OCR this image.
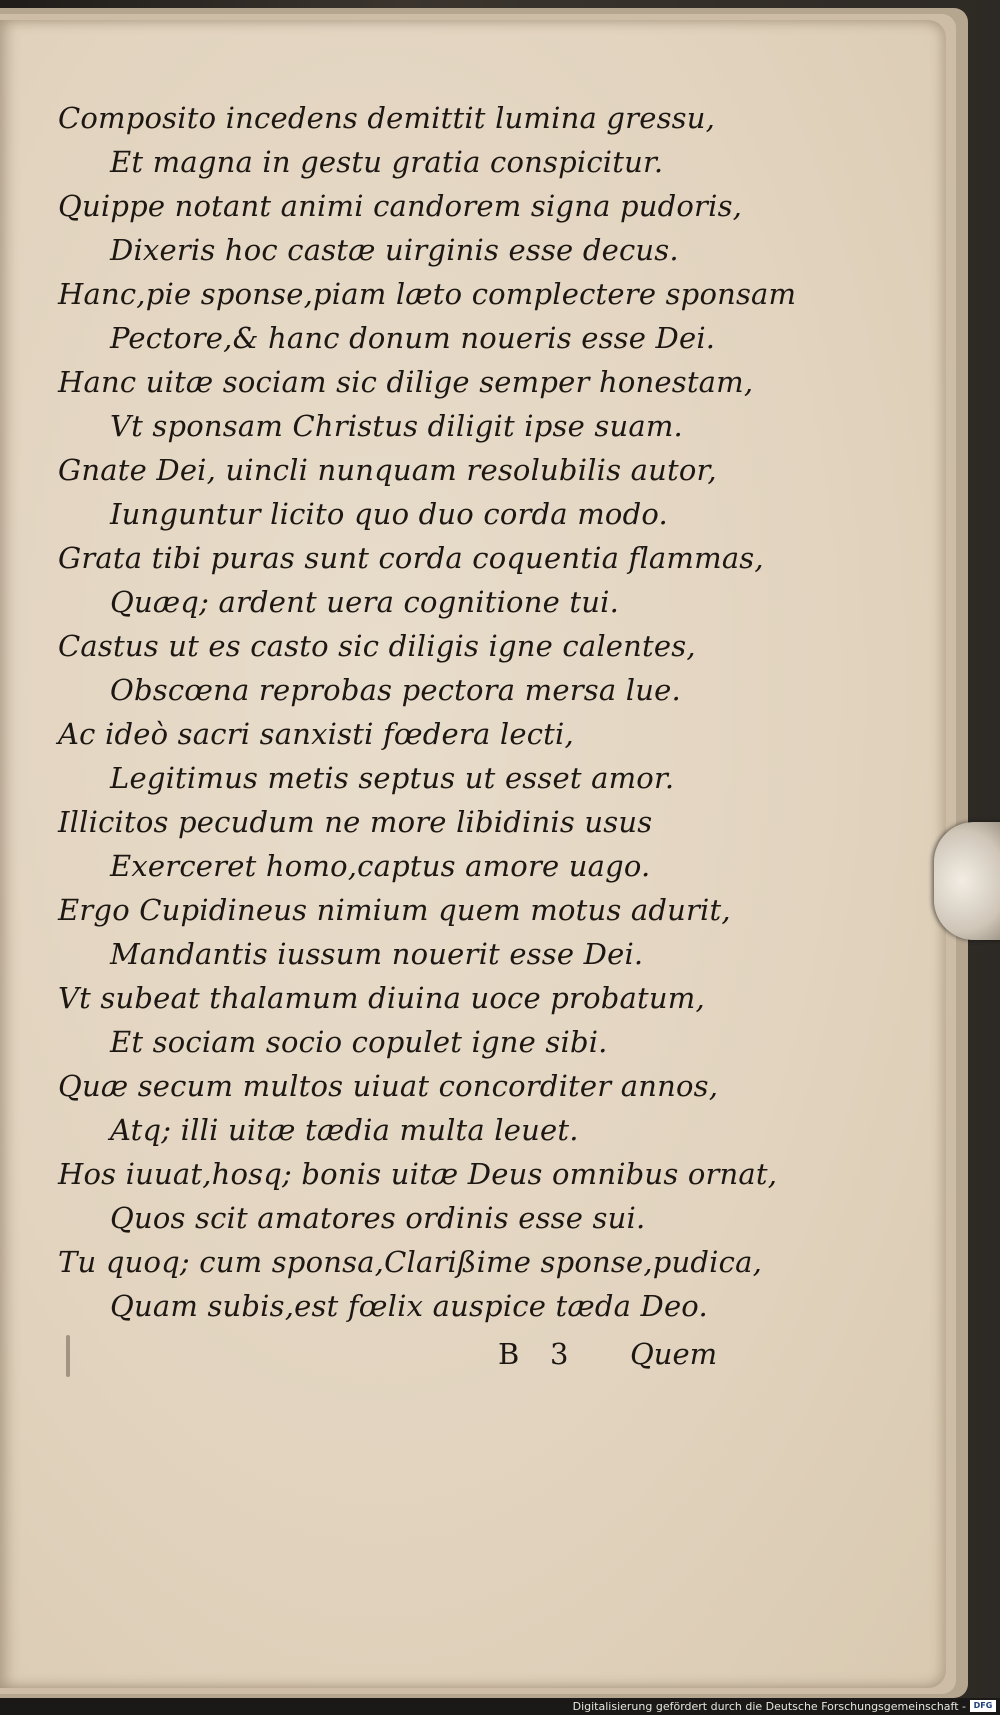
Composito incedens demittit lumina gressu,
Et magna in gestu gratia conspicitur.
Quippe notant animi candorem signa pudoris,
Dixeris hoc castæ uirginis esse decus.
Hanc,pie sponse,piam læto complectere sponsam
Pectore,& hanc donum noueris esse Dei.
Hanc uitæ sociam sic dilige semper honestam,
Vt sponsam Christus diligit ipse suam.
Gnate Dei, uincli nunquam resolubilis autor,
Iunguntur licito quo duo corda modo.
Grata tibi puras sunt corda coquentia flammas,
Quæq; ardent uera cognitione tui.
Castus ut es casto sic diligis igne calentes,
Obscœna reprobas pectora mersa lue.
Ac ideò sacri sanxisti fœdera lecti,
Legitimus metis septus ut esset amor.
Illicitos pecudum ne more libidinis usus
Exerceret homo,captus amore uago.
Ergo Cupidineus nimium quem motus adurit,
Mandantis iussum nouerit esse Dei.
Vt subeat thalamum diuina uoce probatum,
Et sociam socio copulet igne sibi.
Quæ secum multos uiuat concorditer annos,
Atq; illi uitæ tædia multa leuet.
Hos iuuat,hosq; bonis uitæ Deus omnibus ornat,
Quos scit amatores ordinis esse sui.
Tu quoq; cum sponsa,Clarißime sponse,pudica,
Quam subis,est fœlix auspice tæda Deo.
B 3 Quem
Digitalisierung gefördert durch die Deutsche Forschungsgemeinschaft - DFG
